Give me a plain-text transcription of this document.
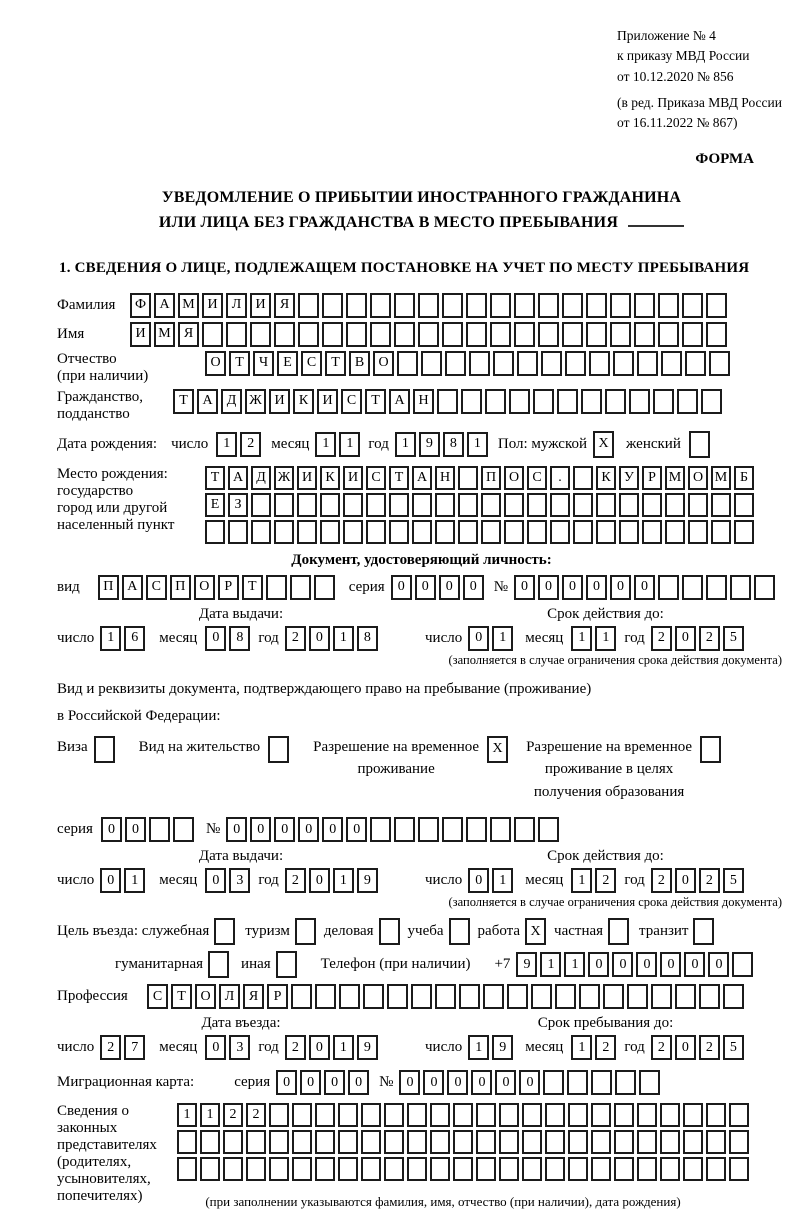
Приложение № 4
к приказу МВД России
от 10.12.2020 № 856
(в ред. Приказа МВД России
от 16.11.2022 № 867)
ФОРМА
УВЕДОМЛЕНИЕ О ПРИБЫТИИ ИНОСТРАННОГО ГРАЖДАНИНА
ИЛИ ЛИЦА БЕЗ ГРАЖДАНСТВА В МЕСТО ПРЕБЫВАНИЯ
1. СВЕДЕНИЯ О ЛИЦЕ, ПОДЛЕЖАЩЕМ ПОСТАНОВКЕ НА УЧЕТ ПО МЕСТУ ПРЕБЫВАНИЯ
Фамилия	Ф А М И	Л	И	Я
Имя	И М Я
Отчество
(при наличии)
О	Т	Ч	Е	С	Т	В	О
Гражданство,
подданство
Т	А	Д Ж И	К	И	С	Т	А Н
Дата рождения: число	1	2	месяц 1	1	год 1	9	8	1	Пол: мужской X	женский
Место рождения:
государство
город или другой
населенный пункт
Т А Д Ж И К И С	Т А Н	П О С	.	К У	Р М О М Б
Е	З
Документ, удостоверяющий личность:
вид	П А	С	П О	Р	Т	серия 0	0	0	0	№ 0	0	0	0	0	0
Дата выдачи:
число 1	6	месяц	0	8	год 2	0	1	8
Срок действия до:
число 0	1	месяц	1	1	год 2	0	2	5
(заполняется в случае ограничения срока действия документа)
Вид и реквизиты документа, подтверждающего право на пребывание (проживание)
в Российской Федерации:
Виза	Вид на жительство	Разрешение на временное
проживание
X	Разрешение на временное
проживание в целях
получения образования
серия	0	0	№ 0	0	0	0	0	0
Дата выдачи:
число 0	1	месяц	0	3	год 2	0	1	9
Срок действия до:
число 0	1	месяц	1	2	год 2	0	2	5
(заполняется в случае ограничения срока действия документа)
Цель въезда: служебная туризм деловая учеба работа X частная транзит
гуманитарная	иная	Телефон (при наличии) +7 9	1	1	0	0	0	0	0	0
Профессия	С	Т	О	Л	Я	Р
Дата въезда:
число 2	7	месяц	0	3	год 2	0	1	9
Срок пребывания до:
число 1	9	месяц	1	2	год 2	0	2	5
Миграционная карта:	серия 0	0	0	0	№ 0	0	0	0	0	0
Сведения о
законных
представителях
(родителях,
усыновителях,
попечителях)
1	1	2	2
(при заполнении указываются фамилия, имя, отчество (при наличии), дата рождения)
